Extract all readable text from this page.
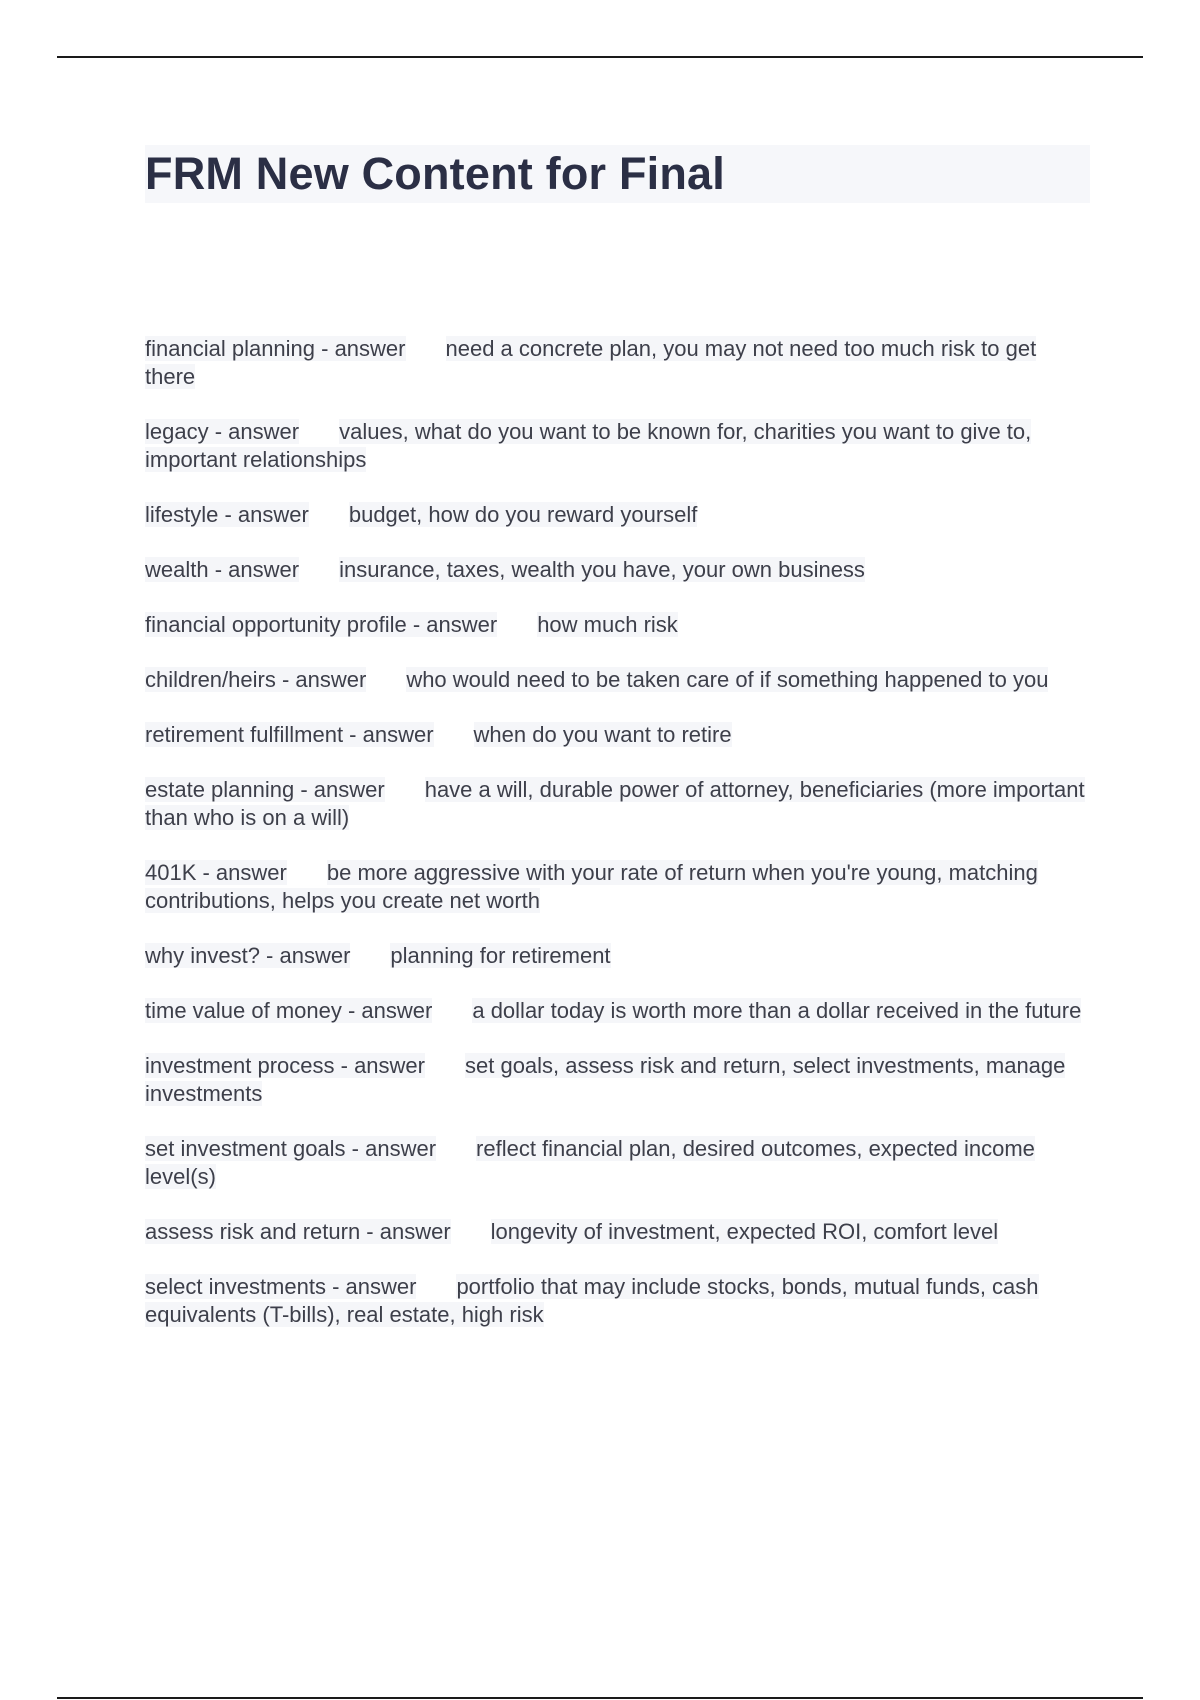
FRM New Content for Final
financial planning - answer need a concrete plan, you may not need too much risk to get there
legacy - answer values, what do you want to be known for, charities you want to give to, important relationships
lifestyle - answer budget, how do you reward yourself
wealth - answer insurance, taxes, wealth you have, your own business
financial opportunity profile - answer how much risk
children/heirs - answer who would need to be taken care of if something happened to you
retirement fulfillment - answer when do you want to retire
estate planning - answer have a will, durable power of attorney, beneficiaries (more important than who is on a will)
401K - answer be more aggressive with your rate of return when you're young, matching contributions, helps you create net worth
why invest? - answer planning for retirement
time value of money - answer a dollar today is worth more than a dollar received in the future
investment process - answer set goals, assess risk and return, select investments, manage investments
set investment goals - answer reflect financial plan, desired outcomes, expected income level(s)
assess risk and return - answer longevity of investment, expected ROI, comfort level
select investments - answer portfolio that may include stocks, bonds, mutual funds, cash equivalents (T-bills), real estate, high risk
